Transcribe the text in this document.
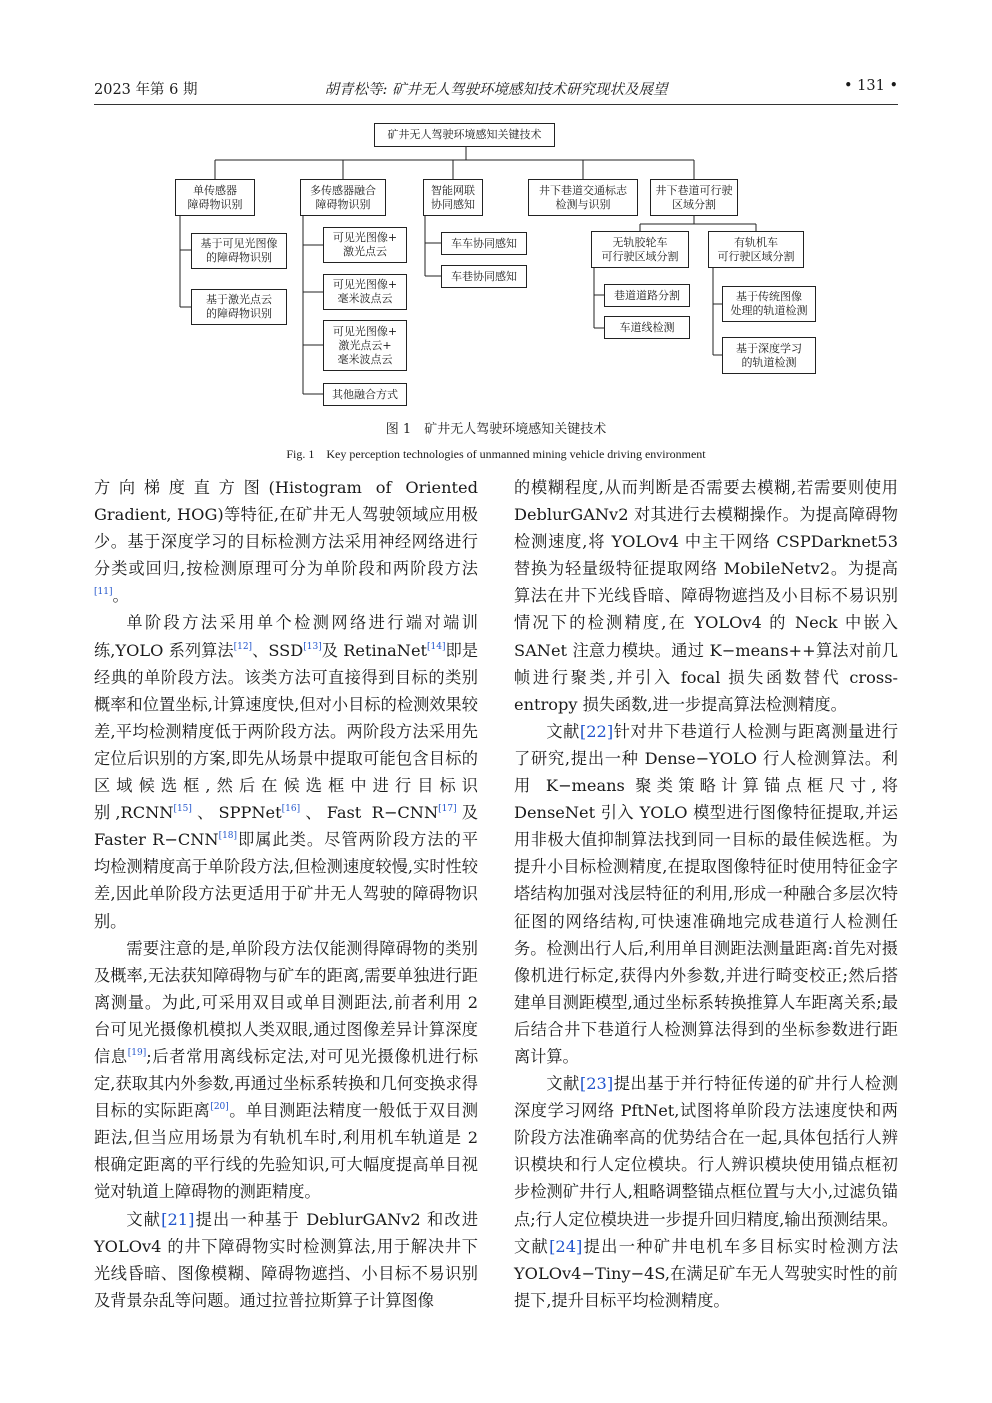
2023 年第 6 期	胡青松等: 矿井无人驾驶环境感知技术研究现状及展望	• 131 •
矿井无人驾驶环境感知关键技术
单传感器
障碍物识别
多传感器融合
障碍物识别
智能网联
协同感知
井下巷道交通标志
检测与识别
井下巷道可行驶
区域分割
基于可见光图像
的障碍物识别
基于激光点云
的障碍物识别
可见光图像+
激光点云
可见光图像+
毫米波点云
可见光图像+
激光点云+
毫米波点云
其他融合方式
车车协同感知
车巷协同感知
无轨胶轮车
可行驶区域分割
有轨机车
可行驶区域分割
巷道道路分割
车道线检测
基于传统图像
处理的轨道检测
基于深度学习
的轨道检测
图 1　矿井无人驾驶环境感知关键技术
Fig. 1　Key perception technologies of unmanned mining vehicle driving environment

方向梯度直方图(Histogram of Oriented Gradient, HOG)等特征,在矿井无人驾驶领域应用极少。基于深度学习的目标检测方法采用神经网络进行分类或回归,按检测原理可分为单阶段和两阶段方法[11]。

单阶段方法采用单个检测网络进行端对端训练,YOLO 系列算法[12]、SSD[13]及 RetinaNet[14]即是经典的单阶段方法。该类方法可直接得到目标的类别概率和位置坐标,计算速度快,但对小目标的检测效果较差,平均检测精度低于两阶段方法。两阶段方法采用先定位后识别的方案,即先从场景中提取可能包含目标的区域候选框,然后在候选框中进行目标识别,RCNN[15]、SPPNet[16]、Fast R−CNN[17]及 Faster R−CNN[18]即属此类。尽管两阶段方法的平均检测精度高于单阶段方法,但检测速度较慢,实时性较差,因此单阶段方法更适用于矿井无人驾驶的障碍物识别。

需要注意的是,单阶段方法仅能测得障碍物的类别及概率,无法获知障碍物与矿车的距离,需要单独进行距离测量。为此,可采用双目或单目测距法,前者利用 2 台可见光摄像机模拟人类双眼,通过图像差异计算深度信息[19];后者常用离线标定法,对可见光摄像机进行标定,获取其内外参数,再通过坐标系转换和几何变换求得目标的实际距离[20]。单目测距法精度一般低于双目测距法,但当应用场景为有轨机车时,利用机车轨道是 2 根确定距离的平行线的先验知识,可大幅度提高单目视觉对轨道上障碍物的测距精度。

文献[21]提出一种基于 DeblurGANv2 和改进 YOLOv4 的井下障碍物实时检测算法,用于解决井下光线昏暗、图像模糊、障碍物遮挡、小目标不易识别及背景杂乱等问题。通过拉普拉斯算子计算图像

的模糊程度,从而判断是否需要去模糊,若需要则使用 DeblurGANv2 对其进行去模糊操作。为提高障碍物检测速度,将 YOLOv4 中主干网络 CSPDarknet53 替换为轻量级特征提取网络 MobileNetv2。为提高算法在井下光线昏暗、障碍物遮挡及小目标不易识别情况下的检测精度,在 YOLOv4 的 Neck 中嵌入 SANet 注意力模块。通过 K−means++算法对前几帧进行聚类,并引入 focal 损失函数替代 cross-entropy 损失函数,进一步提高算法检测精度。

文献[22]针对井下巷道行人检测与距离测量进行了研究,提出一种 Dense−YOLO 行人检测算法。利用 K−means 聚类策略计算锚点框尺寸,将 DenseNet 引入 YOLO 模型进行图像特征提取,并运用非极大值抑制算法找到同一目标的最佳候选框。为提升小目标检测精度,在提取图像特征时使用特征金字塔结构加强对浅层特征的利用,形成一种融合多层次特征图的网络结构,可快速准确地完成巷道行人检测任务。检测出行人后,利用单目测距法测量距离:首先对摄像机进行标定,获得内外参数,并进行畸变校正;然后搭建单目测距模型,通过坐标系转换推算人车距离关系;最后结合井下巷道行人检测算法得到的坐标参数进行距离计算。

文献[23]提出基于并行特征传递的矿井行人检测深度学习网络 PftNet,试图将单阶段方法速度快和两阶段方法准确率高的优势结合在一起,具体包括行人辨识模块和行人定位模块。行人辨识模块使用锚点框初步检测矿井行人,粗略调整锚点框位置与大小,过滤负锚点;行人定位模块进一步提升回归精度,输出预测结果。文献[24]提出一种矿井电机车多目标实时检测方法 YOLOv4−Tiny−4S,在满足矿车无人驾驶实时性的前提下,提升目标平均检测精度。
